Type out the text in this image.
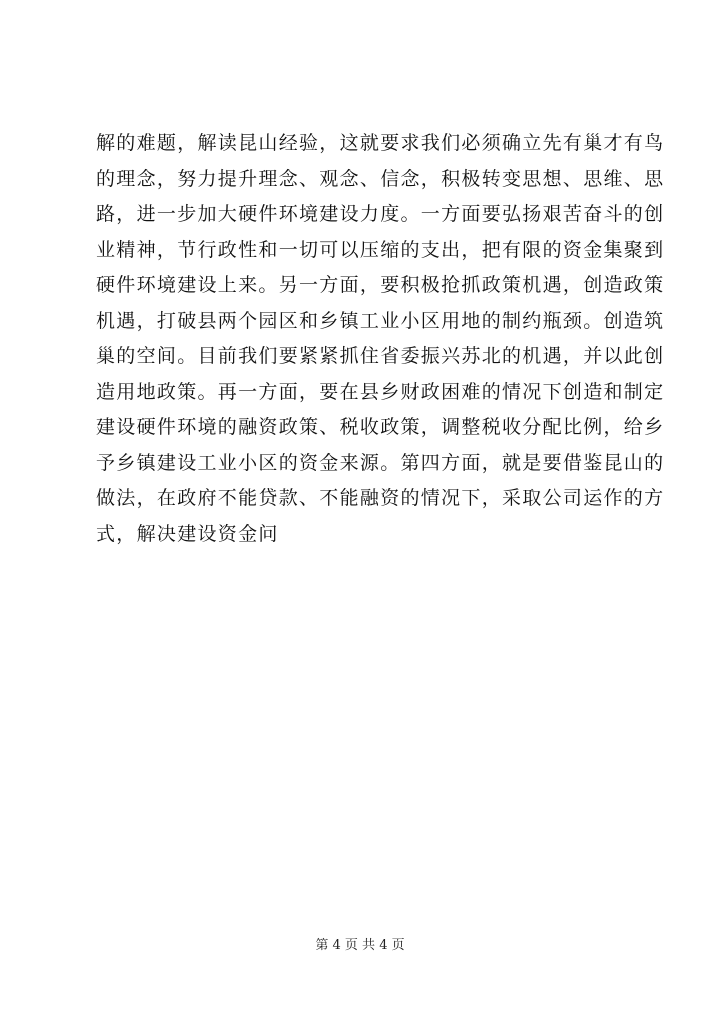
解的难题，解读昆山经验，这就要求我们必须确立先有巢才有鸟
的理念，努力提升理念、观念、信念，积极转变思想、思维、思
路，进一步加大硬件环境建设力度。一方面要弘扬艰苦奋斗的创
业精神，节行政性和一切可以压缩的支出，把有限的资金集聚到
硬件环境建设上来。另一方面，要积极抢抓政策机遇，创造政策
机遇，打破县两个园区和乡镇工业小区用地的制约瓶颈。创造筑
巢的空间。目前我们要紧紧抓住省委振兴苏北的机遇，并以此创
造用地政策。再一方面，要在县乡财政困难的情况下创造和制定
建设硬件环境的融资政策、税收政策，调整税收分配比例，给乡
予乡镇建设工业小区的资金来源。第四方面，就是要借鉴昆山的
做法，在政府不能贷款、不能融资的情况下，采取公司运作的方
式，解决建设资金问
第 4 页 共 4 页
